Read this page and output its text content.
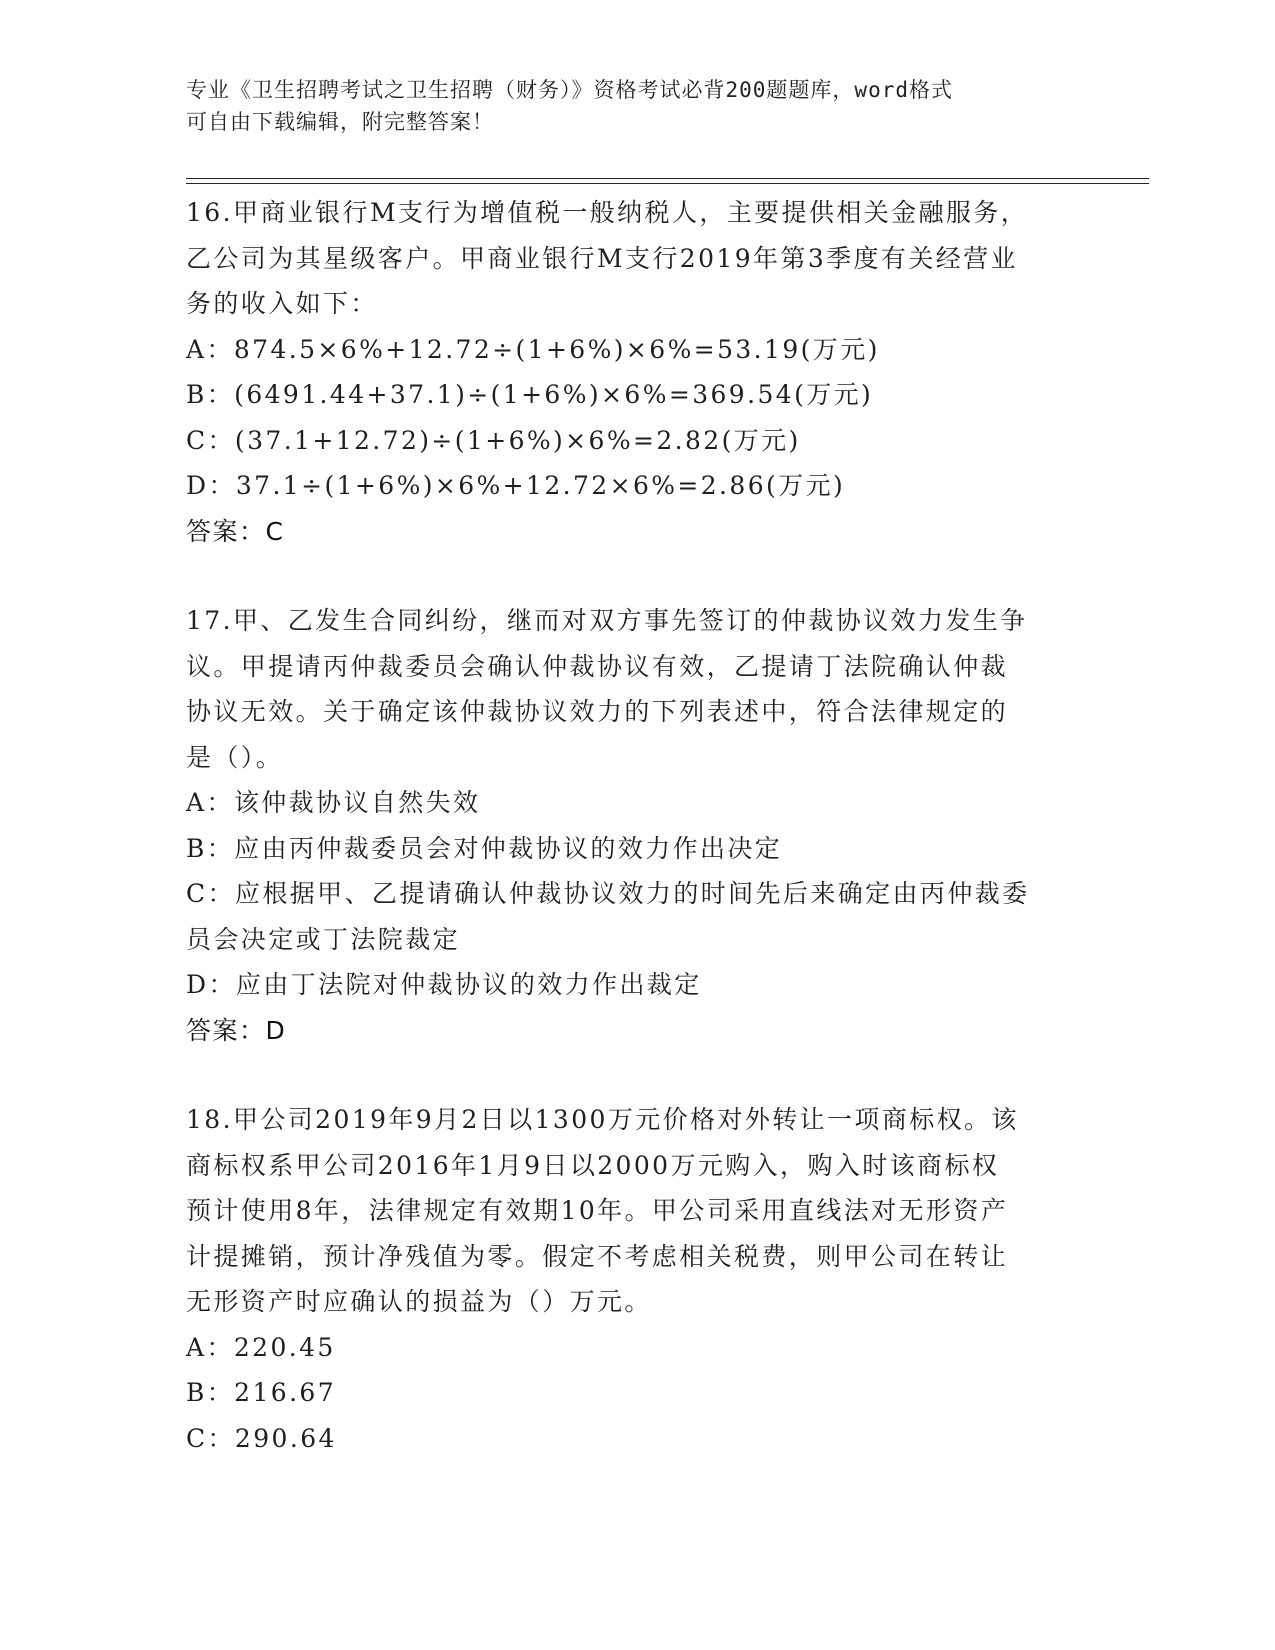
专业《卫生招聘考试之卫生招聘（财务）》资格考试必背200题题库，word格式
可自由下载编辑，附完整答案！
16.甲商业银行M支行为增值税一般纳税人，主要提供相关金融服务，
乙公司为其星级客户。甲商业银行M支行2019年第3季度有关经营业
务的收入如下：
A：874.5×6%+12.72÷(1+6%)×6%=53.19(万元)
B：(6491.44+37.1)÷(1+6%)×6%=369.54(万元)
C：(37.1+12.72)÷(1+6%)×6%=2.82(万元)
D：37.1÷(1+6%)×6%+12.72×6%=2.86(万元)
答案：C
17.甲、乙发生合同纠纷，继而对双方事先签订的仲裁协议效力发生争
议。甲提请丙仲裁委员会确认仲裁协议有效，乙提请丁法院确认仲裁
协议无效。关于确定该仲裁协议效力的下列表述中，符合法律规定的
是（）。
A：该仲裁协议自然失效
B：应由丙仲裁委员会对仲裁协议的效力作出决定
C：应根据甲、乙提请确认仲裁协议效力的时间先后来确定由丙仲裁委
员会决定或丁法院裁定
D：应由丁法院对仲裁协议的效力作出裁定
答案：D
18.甲公司2019年9月2日以1300万元价格对外转让一项商标权。该
商标权系甲公司2016年1月9日以2000万元购入，购入时该商标权
预计使用8年，法律规定有效期10年。甲公司采用直线法对无形资产
计提摊销，预计净残值为零。假定不考虑相关税费，则甲公司在转让
无形资产时应确认的损益为（）万元。
A：220.45
B：216.67
C：290.64
